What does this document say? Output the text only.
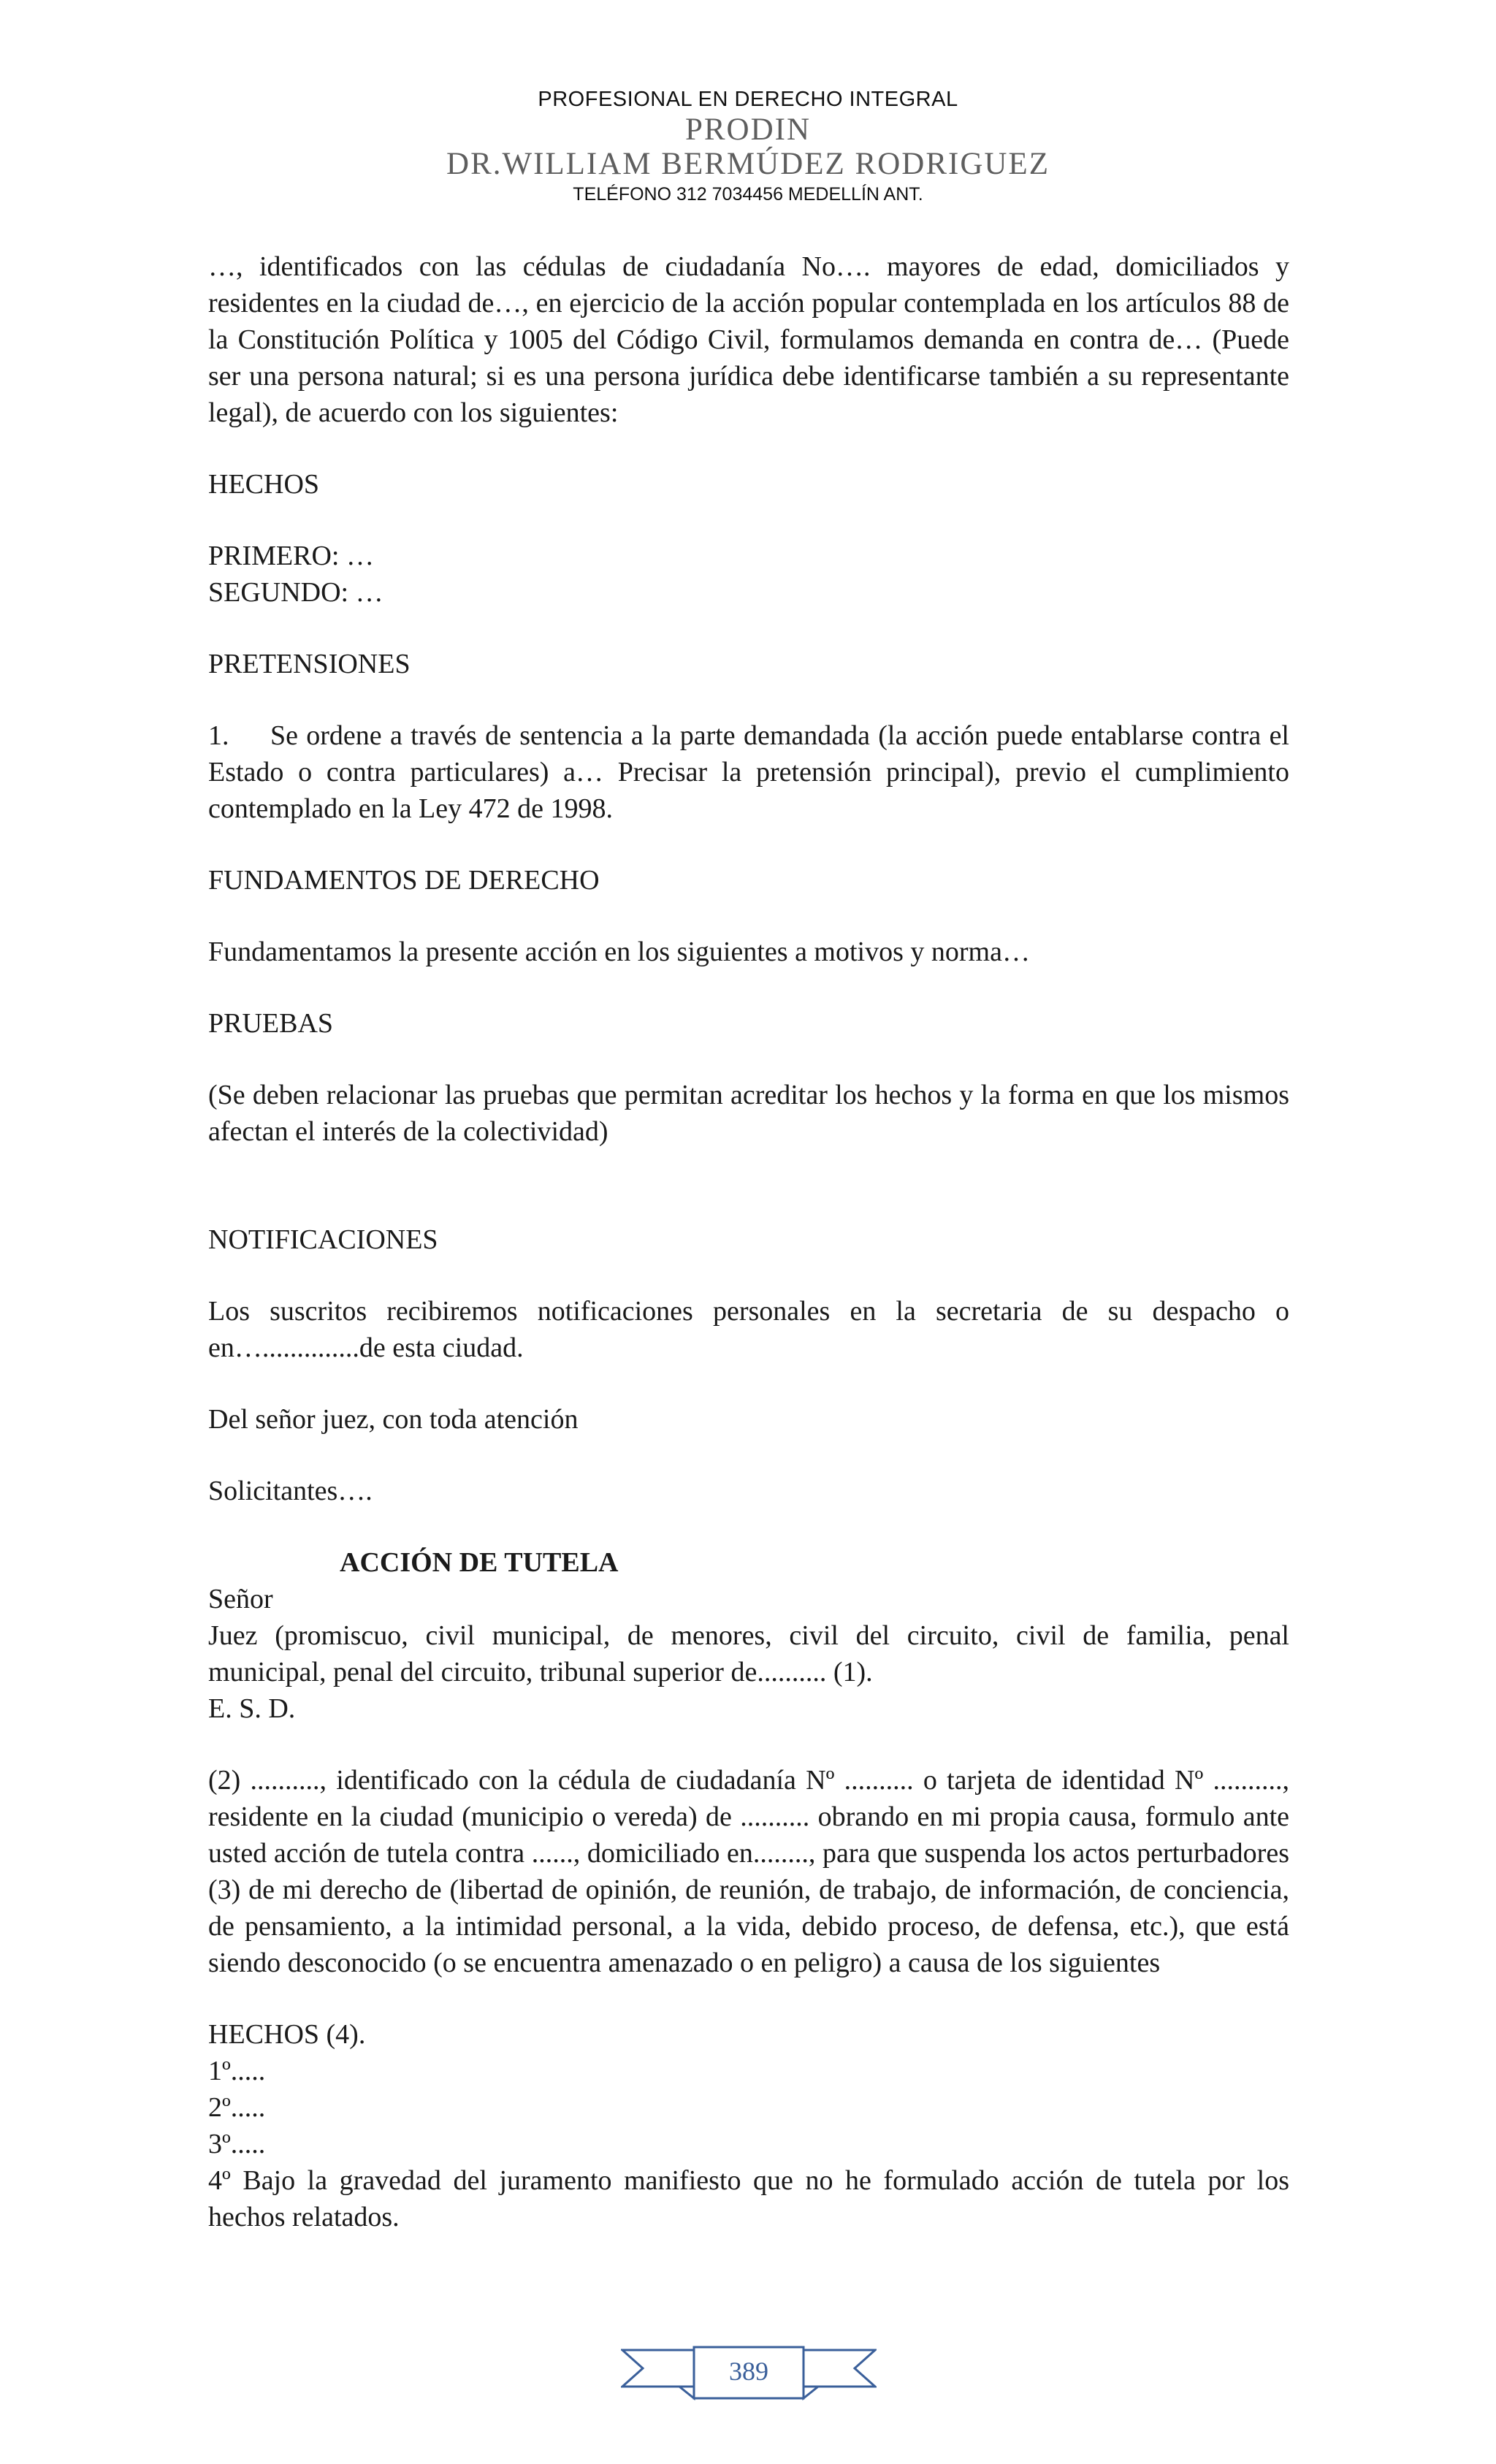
PROFESIONAL EN DERECHO INTEGRAL
PRODIN
DR.WILLIAM BERMÚDEZ RODRIGUEZ
TELÉFONO 312 7034456 MEDELLÍN ANT.

…, identificados con las cédulas de ciudadanía No…. mayores de edad, domiciliados y residentes en la ciudad de…, en ejercicio de la acción popular contemplada en los artículos 88 de la Constitución Política y 1005 del Código Civil, formulamos demanda en contra de… (Puede ser una persona natural; si es una persona jurídica debe identificarse también a su representante legal), de acuerdo con los siguientes:

HECHOS

PRIMERO: …

SEGUNDO: …

PRETENSIONES

1. Se ordene a través de sentencia a la parte demandada (la acción puede entablarse contra el Estado o contra particulares) a… Precisar la pretensión principal), previo el cumplimiento contemplado en la Ley 472 de 1998.

FUNDAMENTOS DE DERECHO

Fundamentamos la presente acción en los siguientes a motivos y norma…

PRUEBAS

(Se deben relacionar las pruebas que permitan acreditar los hechos y la forma en que los mismos afectan el interés de la colectividad)

NOTIFICACIONES

Los suscritos recibiremos notificaciones personales en la secretaria de su despacho o en…..............de esta ciudad.

Del señor juez, con toda atención

Solicitantes….

ACCIÓN DE TUTELA

Señor

Juez (promiscuo, civil municipal, de menores, civil del circuito, civil de familia, penal municipal, penal del circuito, tribunal superior de.......... (1).

E. S. D.

(2) .........., identificado con la cédula de ciudadanía Nº .......... o tarjeta de identidad Nº .........., residente en la ciudad (municipio o vereda) de .......... obrando en mi propia causa, formulo ante usted acción de tutela contra ......, domiciliado en........, para que suspenda los actos perturbadores (3) de mi derecho de (libertad de opinión, de reunión, de trabajo, de información, de conciencia, de pensamiento, a la intimidad personal, a la vida, debido proceso, de defensa, etc.), que está siendo desconocido (o se encuentra amenazado o en peligro) a causa de los siguientes

HECHOS (4).

1º.....

2º.....

3º.....

4º Bajo la gravedad del juramento manifiesto que no he formulado acción de tutela por los hechos relatados.

389
